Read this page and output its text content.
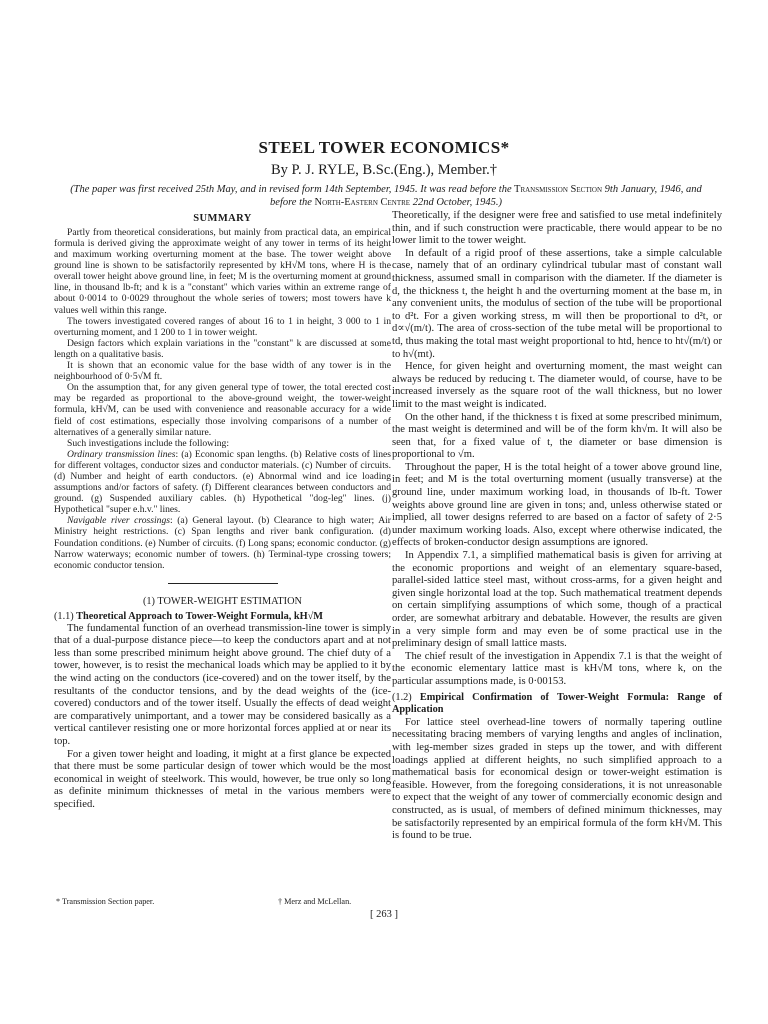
STEEL TOWER ECONOMICS*
By P. J. RYLE, B.Sc.(Eng.), Member.†
(The paper was first received 25th May, and in revised form 14th September, 1945. It was read before the Transmission Section 9th January, 1946, and before the North-Eastern Centre 22nd October, 1945.)
SUMMARY

Partly from theoretical considerations, but mainly from practical data, an empirical formula is derived giving the approximate weight of any tower in terms of its height and maximum working overturning moment at the base. The tower weight above ground line is shown to be satisfactorily represented by kH√M tons, where H is the overall tower height above ground line, in feet; M is the overturning moment at ground line, in thousand lb-ft; and k is a "constant" which varies within an extreme range of about 0·0014 to 0·0029 throughout the whole series of towers; most towers have k values well within this range.

The towers investigated covered ranges of about 16 to 1 in height, 3 000 to 1 in overturning moment, and 1 200 to 1 in tower weight.

Design factors which explain variations in the "constant" k are discussed at some length on a qualitative basis.

It is shown that an economic value for the base width of any tower is in the neighbourhood of 0·5√M ft.

On the assumption that, for any given general type of tower, the total erected cost may be regarded as proportional to the above-ground weight, the tower-weight formula, kH√M, can be used with convenience and reasonable accuracy for a wide field of cost estimations, especially those involving comparisons of a number of alternatives of a generally similar nature.

Such investigations include the following:

Ordinary transmission lines: (a) Economic span lengths. (b) Relative costs of lines for different voltages, conductor sizes and conductor materials. (c) Number of circuits. (d) Number and height of earth conductors. (e) Abnormal wind and ice loading assumptions and/or factors of safety. (f) Different clearances between conductors and ground. (g) Suspended auxiliary cables. (h) Hypothetical "dog-leg" lines. (j) Hypothetical "super e.h.v." lines.

Navigable river crossings: (a) General layout. (b) Clearance to high water; Air Ministry height restrictions. (c) Span lengths and river bank configuration. (d) Foundation conditions. (e) Number of circuits. (f) Long spans; economic conductor. (g) Narrow waterways; economic number of towers. (h) Terminal-type crossing towers; economic conductor tension.

(1) TOWER-WEIGHT ESTIMATION

(1.1) Theoretical Approach to Tower-Weight Formula, kH√M

The fundamental function of an overhead transmission-line tower is simply that of a dual-purpose distance piece—to keep the conductors apart and at not less than some prescribed minimum height above ground. The chief duty of a tower, however, is to resist the mechanical loads which may be applied to it by the wind acting on the conductors (ice-covered) and on the tower itself, by the resultants of the conductor tensions, and by the dead weights of the (ice-covered) conductors and of the tower itself. Usually the effects of dead weight are comparatively unimportant, and a tower may be considered basically as a vertical cantilever resisting one or more horizontal forces applied at or near its top.

For a given tower height and loading, it might at a first glance be expected that there must be some particular design of tower which would be the most economical in weight of steelwork. This would, however, be true only so long as definite minimum thicknesses of metal in the various members were specified.

Theoretically, if the designer were free and satisfied to use metal indefinitely thin, and if such construction were practicable, there would appear to be no lower limit to the tower weight.

In default of a rigid proof of these assertions, take a simple calculable case, namely that of an ordinary cylindrical tubular mast of constant wall thickness, assumed small in comparison with the diameter. If the diameter is d, the thickness t, the height h and the overturning moment at the base m, in any convenient units, the modulus of section of the tube will be proportional to d²t. For a given working stress, m will then be proportional to d²t, or d∝√(m/t). The area of cross-section of the tube metal will be proportional to td, thus making the total mast weight proportional to htd, hence to ht√(m/t) or to h√(mt).

Hence, for given height and overturning moment, the mast weight can always be reduced by reducing t. The diameter would, of course, have to be increased inversely as the square root of the wall thickness, but no lower limit to the mast weight is indicated.

On the other hand, if the thickness t is fixed at some prescribed minimum, the mast weight is determined and will be of the form kh√m. It will also be seen that, for a fixed value of t, the diameter or base dimension is proportional to √m.

Throughout the paper, H is the total height of a tower above ground line, in feet; and M is the total overturning moment (usually transverse) at the ground line, under maximum working load, in thousands of lb-ft. Tower weights above ground line are given in tons; and, unless otherwise stated or implied, all tower designs referred to are based on a factor of safety of 2·5 under maximum working loads. Also, except where otherwise indicated, the effects of broken-conductor design assumptions are ignored.

In Appendix 7.1, a simplified mathematical basis is given for arriving at the economic proportions and weight of an elementary square-based, parallel-sided lattice steel mast, without cross-arms, for a given height and given single horizontal load at the top. Such mathematical treatment depends on certain simplifying assumptions of which some, though of a practical order, are somewhat arbitrary and debatable. However, the results are given in a very simple form and may even be of some practical use in the preliminary design of small lattice masts.

The chief result of the investigation in Appendix 7.1 is that the weight of the economic elementary lattice mast is kH√M tons, where k, on the particular assumptions made, is 0·00153.

(1.2) Empirical Confirmation of Tower-Weight Formula: Range of Application

For lattice steel overhead-line towers of normally tapering outline necessitating bracing members of varying lengths and angles of inclination, with leg-member sizes graded in steps up the tower, and with different loadings applied at different heights, no such simplified approach to a mathematical basis for economical design or tower-weight estimation is feasible. However, from the foregoing considerations, it is not unreasonable to expect that the weight of any tower of commercially economic design and constructed, as is usual, of members of defined minimum thicknesses, may be satisfactorily represented by an empirical formula of the form kH√M. This is found to be true.

* Transmission Section paper.	† Merz and McLellan.
[ 263 ]
